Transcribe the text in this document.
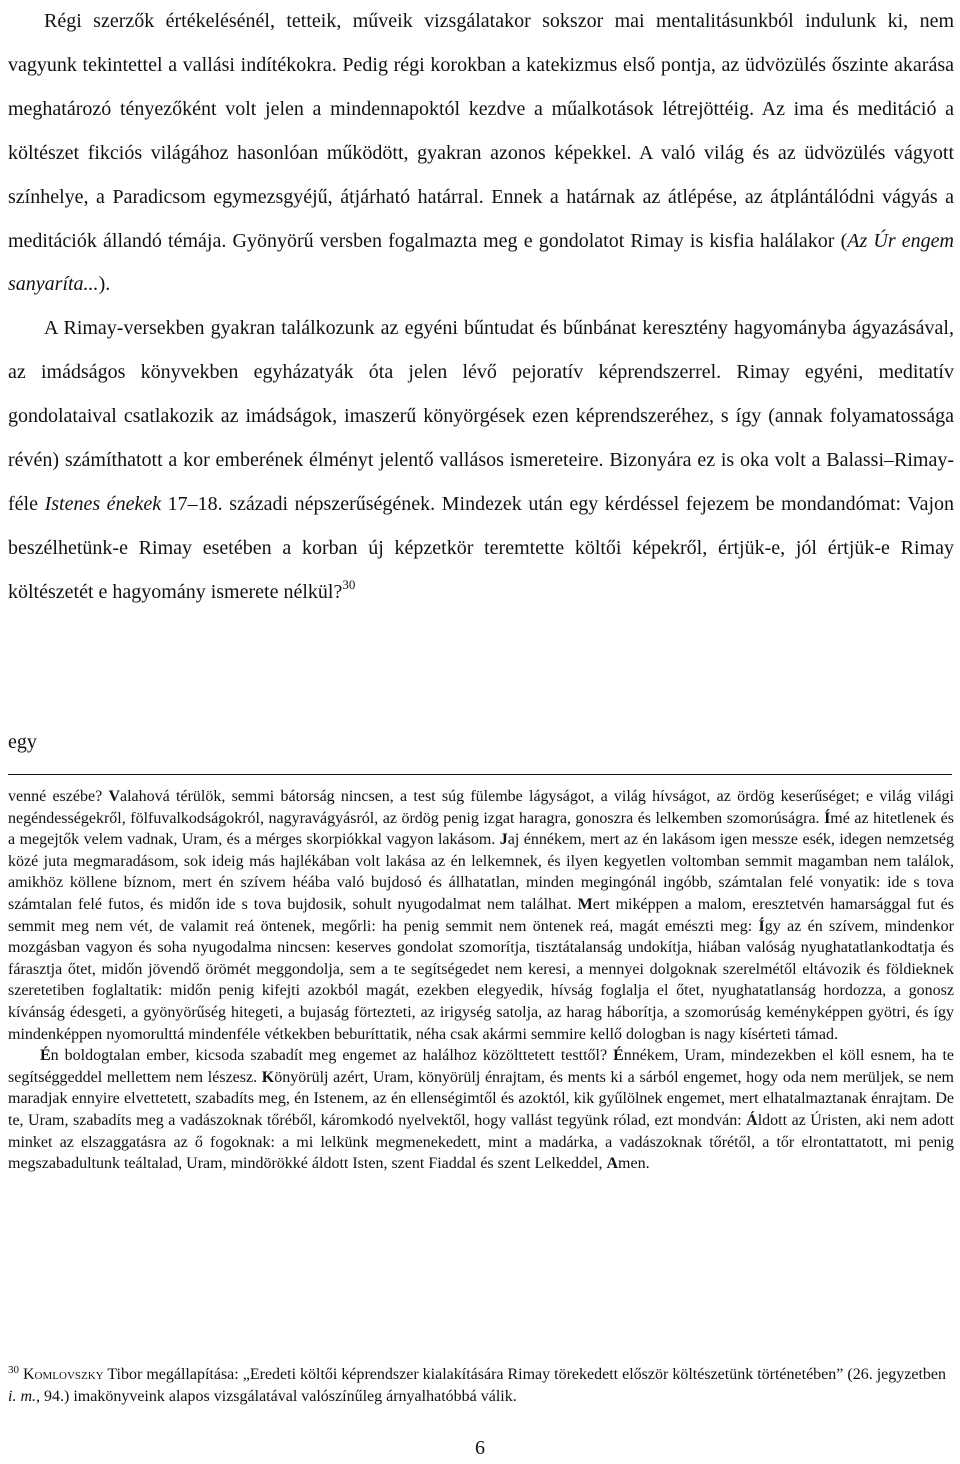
Régi szerzők értékelésénél, tetteik, műveik vizsgálatakor sokszor mai mentalitásunkból indulunk ki, nem vagyunk tekintettel a vallási indítékokra. Pedig régi korokban a katekizmus első pontja, az üdvözülés őszinte akarása meghatározó tényezőként volt jelen a mindennapoktól kezdve a műalkotások létrejöttéig. Az ima és meditáció a költészet fikciós világához hasonlóan működött, gyakran azonos képekkel. A való világ és az üdvözülés vágyott színhelye, a Paradicsom egymezsgyéjű, átjárható határral. Ennek a határnak az átlépése, az átplántálódni vágyás a meditációk állandó témája. Gyönyörű versben fogalmazta meg e gondolatot Rimay is kisfia halálakor (Az Úr engem sanyaríta...).

A Rimay-versekben gyakran találkozunk az egyéni bűntudat és bűnbánat keresztény hagyományba ágyazásával, az imádságos könyvekben egyházatyák óta jelen lévő pejoratív képrendszerrel. Rimay egyéni, meditatív gondolataival csatlakozik az imádságok, imaszerű könyörgések ezen képrendszeréhez, s így (annak folyamatossága révén) számíthatott a kor emberének élményt jelentő vallásos ismereteire. Bizonyára ez is oka volt a Balassi–Rimay-féle Istenes énekek 17–18. századi népszerűségének. Mindezek után egy kérdéssel fejezem be mondandómat: Vajon beszélhetünk-e Rimay esetében a korban új képzetkör teremtette költői képekről, értjük-e, jól értjük-e Rimay költészetét e hagyomány ismerete nélkül?$^{30}$

egy

venné eszébe? Valahová térülök, semmi bátorság nincsen, a test súg fülembe lágyságot, a világ hívságot, az ördög keserűséget; e világ világi negéndességekről, fölfuvalkodságokról, nagyravágyásról, az ördög penig izgat haragra, gonoszra és lelkemben szomorúságra. Ímé az hitetlenek és a megejtők velem vadnak, Uram, és a mérges skorpiókkal vagyon lakásom. Jaj énnékem, mert az én lakásom igen messze esék, idegen nemzetség közé juta megmaradásom, sok ideig más hajlékában volt lakása az én lelkemnek, és ilyen kegyetlen voltomban semmit magamban nem találok, amikhöz köllene bíznom, mert én szívem héába való bujdosó és állhatatlan, minden megingónál ingóbb, számtalan felé vonyatik: ide s tova számtalan felé futos, és midőn ide s tova bujdosik, sohult nyugodalmat nem találhat. Mert miképpen a malom, eresztetvén hamarsággal fut és semmit meg nem vét, de valamit reá öntenek, megőrli: ha penig semmit nem öntenek reá, magát emészti meg: Így az én szívem, mindenkor mozgásban vagyon és soha nyugodalma nincsen: keserves gondolat szomorítja, tisztátalanság undokítja, hiában valóság nyughatatlankodtatja és fárasztja őtet, midőn jövendő örömét meggondolja, sem a te segítségedet nem keresi, a mennyei dolgoknak szerelmétől eltávozik és földieknek szeretetiben foglaltatik: midőn penig kifejti azokból magát, ezekben elegyedik, hívság foglalja el őtet, nyughatatlanság hordozza, a gonosz kívánság édesgeti, a gyönyörűség hitegeti, a bujaság förtezteti, az irigység satolja, az harag háborítja, a szomorúság keményképpen gyötri, és így mindenképpen nyomorulttá mindenféle vétkekben beburíttatik, néha csak akármi semmire kellő dologban is nagy kísérteti támad.

Én boldogtalan ember, kicsoda szabadít meg engemet az halálhoz közölttetett testtől? Énnékem, Uram, mindezekben el köll esnem, ha te segítséggeddel mellettem nem lészesz. Könyörülj azért, Uram, könyörülj énrajtam, és ments ki a sárból engemet, hogy oda nem merüljek, se nem maradjak ennyire elvettetett, szabadíts meg, én Istenem, az én ellenségimtől és azoktól, kik gyűlölnek engemet, mert elhatalmaztanak énrajtam. De te, Uram, szabadíts meg a vadászoknak tőréből, káromkodó nyelvektől, hogy vallást tegyünk rólad, ezt mondván: Áldott az Úristen, aki nem adott minket az elszaggatásra az ő fogoknak: a mi lelkünk megmenekedett, mint a madárka, a vadászoknak tőrétől, a tőr elrontattatott, mi penig megszabadultunk teáltalad, Uram, mindörökké áldott Isten, szent Fiaddal és szent Lelkeddel, Amen.

$^{30}$ Komlovszky Tibor megállapítása: „Eredeti költői képrendszer kialakítására Rimay törekedett először költészetünk történetében” (26. jegyzetben i. m., 94.) imakönyveink alapos vizsgálatával valószínűleg árnyalhatóbbá válik.
6
